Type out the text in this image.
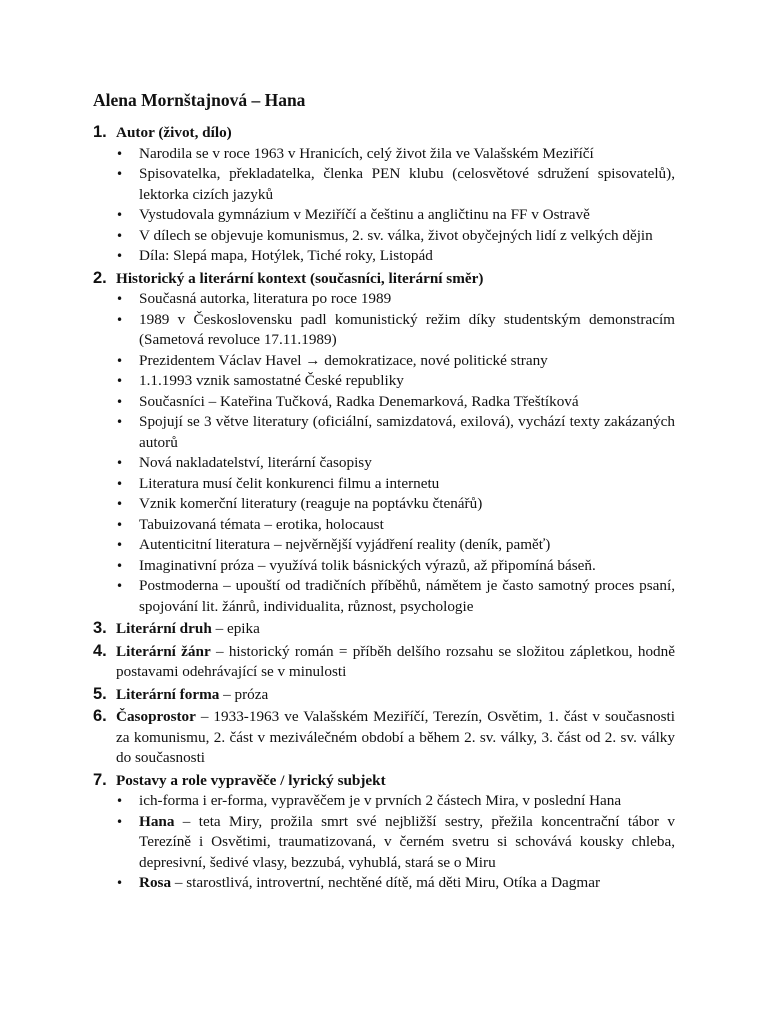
Alena Mornštajnová – Hana
1. Autor (život, dílo)
• Narodila se v roce 1963 v Hranicích, celý život žila ve Valašském Meziříčí
• Spisovatelka, překladatelka, členka PEN klubu (celosvětové sdružení spisovatelů), lektorka cizích jazyků
• Vystudovala gymnázium v Meziříčí a češtinu a angličtinu na FF v Ostravě
• V dílech se objevuje komunismus, 2. sv. válka, život obyčejných lidí z velkých dějin
• Díla: Slepá mapa, Hotýlek, Tiché roky, Listopád
2. Historický a literární kontext (současníci, literární směr)
• Současná autorka, literatura po roce 1989
• 1989 v Československu padl komunistický režim díky studentským demonstracím (Sametová revoluce 17.11.1989)
• Prezidentem Václav Havel → demokratizace, nové politické strany
• 1.1.1993 vznik samostatné České republiky
• Současníci – Kateřina Tučková, Radka Denemarková, Radka Třeštíková
• Spojují se 3 větve literatury (oficiální, samizdatová, exilová), vychází texty zakázaných autorů
• Nová nakladatelství, literární časopisy
• Literatura musí čelit konkurenci filmu a internetu
• Vznik komerční literatury (reaguje na poptávku čtenářů)
• Tabuizovaná témata – erotika, holocaust
• Autenticitní literatura – nejvěrnější vyjádření reality (deník, paměť)
• Imaginativní próza – využívá tolik básnických výrazů, až připomíná báseň.
• Postmoderna – upouští od tradičních příběhů, námětem je často samotný proces psaní, spojování lit. žánrů, individualita, různost, psychologie
3. Literární druh – epika
4. Literární žánr – historický román = příběh delšího rozsahu se složitou zápletkou, hodně postavami odehrávající se v minulosti
5. Literární forma – próza
6. Časoprostor – 1933-1963 ve Valašském Meziříčí, Terezín, Osvětim, 1. část v současnosti za komunismu, 2. část v meziválečném období a během 2. sv. války, 3. část od 2. sv. války do současnosti
7. Postavy a role vypravěče / lyrický subjekt
• ich-forma i er-forma, vypravěčem je v prvních 2 částech Mira, v poslední Hana
• Hana – teta Miry, prožila smrt své nejbližší sestry, přežila koncentrační tábor v Terezíně i Osvětimi, traumatizovaná, v černém svetru si schovává kousky chleba, depresivní, šedivé vlasy, bezzubá, vyhublá, stará se o Miru
• Rosa – starostlivá, introvertní, nechtěné dítě, má děti Miru, Otíka a Dagmar
